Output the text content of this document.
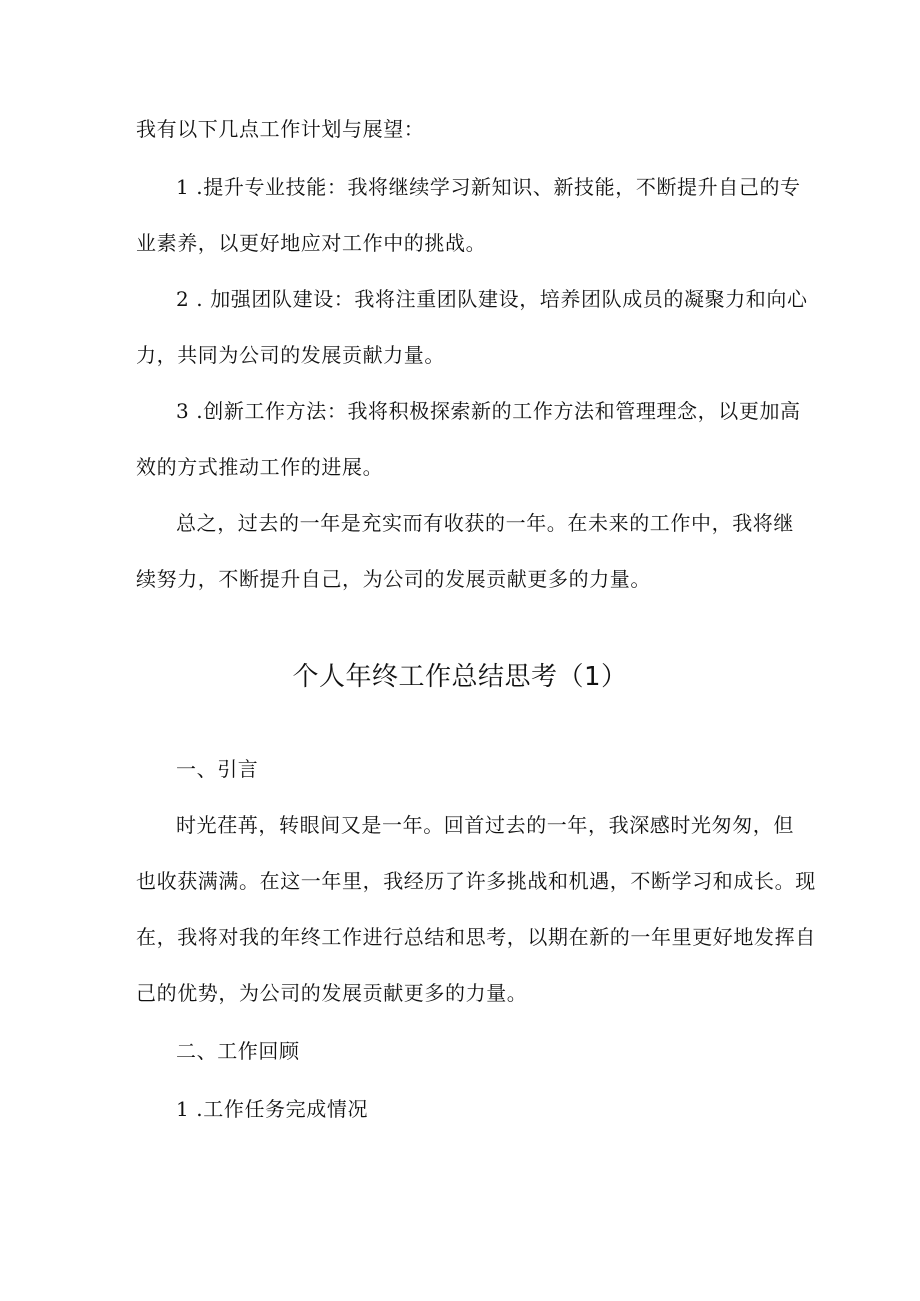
我有以下几点工作计划与展望：
1 .提升专业技能：我将继续学习新知识、新技能，不断提升自己的专
业素养，以更好地应对工作中的挑战。
2 . 加强团队建设：我将注重团队建设，培养团队成员的凝聚力和向心
力，共同为公司的发展贡献力量。
3 .创新工作方法：我将积极探索新的工作方法和管理理念，以更加高
效的方式推动工作的进展。
总之，过去的一年是充实而有收获的一年。在未来的工作中，我将继
续努力，不断提升自己，为公司的发展贡献更多的力量。
个人年终工作总结思考（1）
一、引言
时光荏苒，转眼间又是一年。回首过去的一年，我深感时光匆匆，但
也收获满满。在这一年里，我经历了许多挑战和机遇，不断学习和成长。现
在，我将对我的年终工作进行总结和思考，以期在新的一年里更好地发挥自
己的优势，为公司的发展贡献更多的力量。
二、工作回顾
1 .工作任务完成情况
